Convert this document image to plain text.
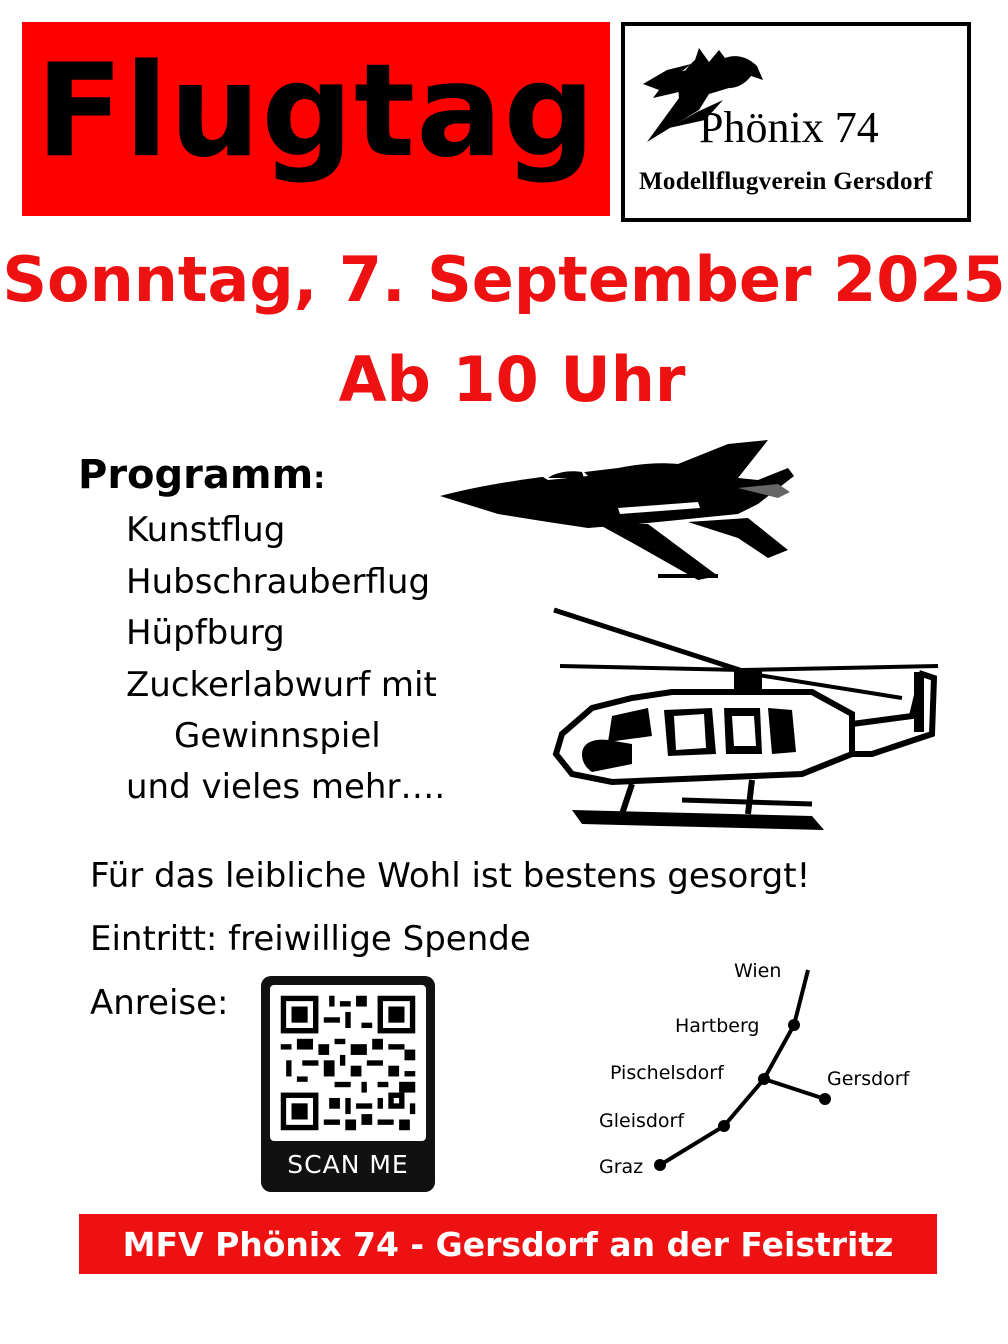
Flugtag Phönix 74
Modellflugverein Gersdorf
Sonntag, 7. September 2025
Ab 10 Uhr
Programm:
Kunstflug
Hubschrauberflug
Hüpfburg
Zuckerlabwurf mit
Gewinnspiel
und vieles mehr….
Für das leibliche Wohl ist bestens gesorgt!
Eintritt: freiwillige Spende
Anreise:
SCAN ME
Wien
Hartberg
Pischelsdorf	Gersdorf
Gleisdorf
Graz
MFV Phönix 74 - Gersdorf an der Feistritz
